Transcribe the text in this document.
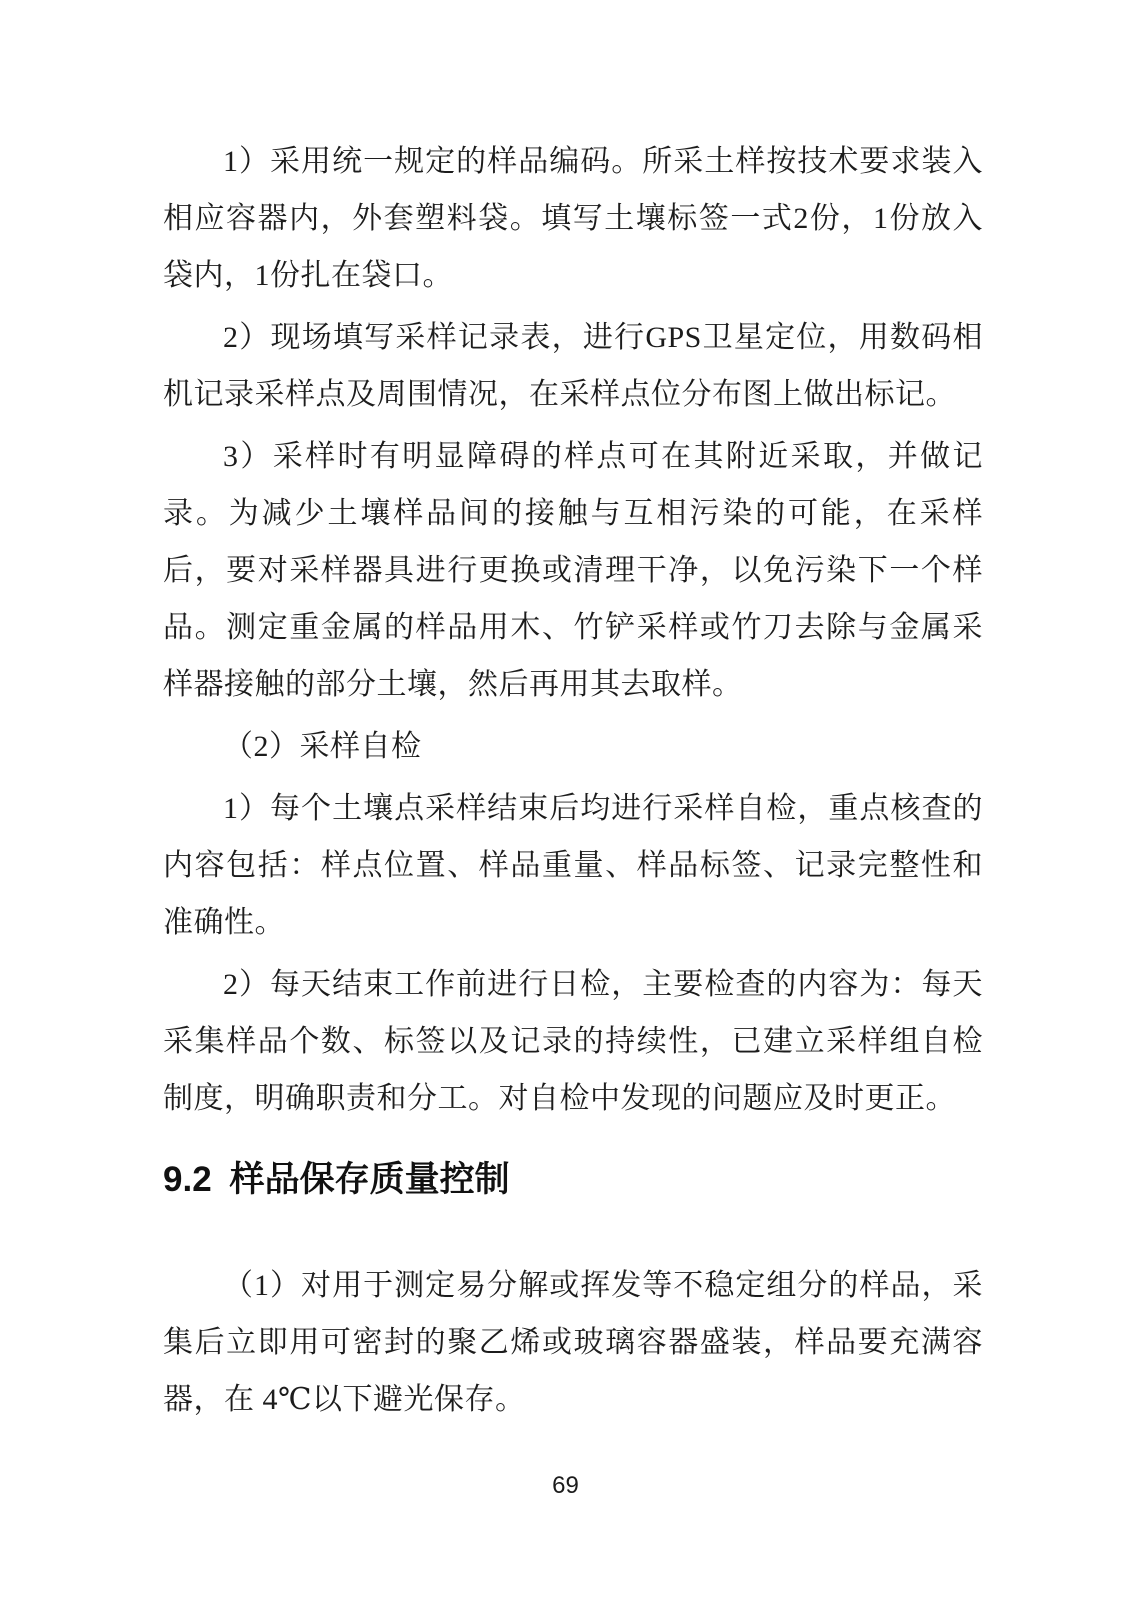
1）采用统一规定的样品编码。所采土样按技术要求装入相应容器内，外套塑料袋。填写土壤标签一式2份，1份放入袋内，1份扎在袋口。

2）现场填写采样记录表，进行GPS卫星定位，用数码相机记录采样点及周围情况，在采样点位分布图上做出标记。

3）采样时有明显障碍的样点可在其附近采取，并做记录。为减少土壤样品间的接触与互相污染的可能，在采样后，要对采样器具进行更换或清理干净，以免污染下一个样品。测定重金属的样品用木、竹铲采样或竹刀去除与金属采样器接触的部分土壤，然后再用其去取样。

（2）采样自检

1）每个土壤点采样结束后均进行采样自检，重点核查的内容包括：样点位置、样品重量、样品标签、记录完整性和准确性。

2）每天结束工作前进行日检，主要检查的内容为：每天采集样品个数、标签以及记录的持续性，已建立采样组自检制度，明确职责和分工。对自检中发现的问题应及时更正。

9.2 样品保存质量控制

（1）对用于测定易分解或挥发等不稳定组分的样品，采集后立即用可密封的聚乙烯或玻璃容器盛装，样品要充满容器，在 4℃以下避光保存。

69
